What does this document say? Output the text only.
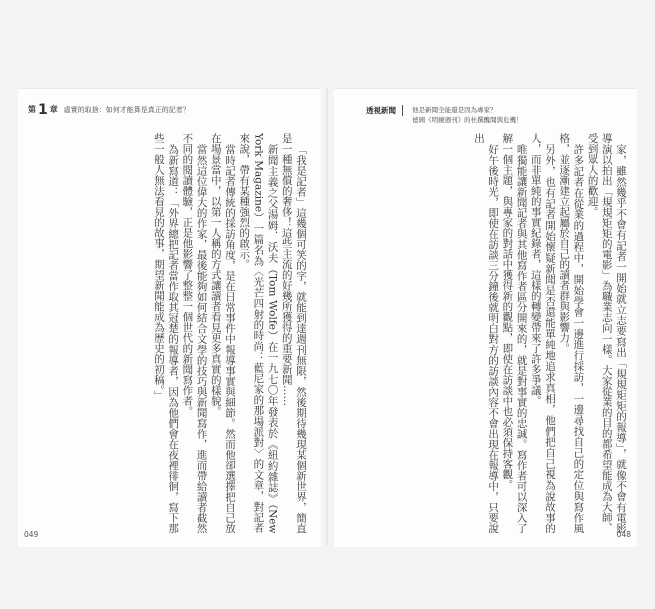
第 1 章 虛實的取捨：如何才能算是真正的記者？

「我是記者」這幾個可笑的字，就能到達週刊無限，然後期待幾現某個新世界，簡直是一種無償的奢侈！這些主流的好幾所獲得的重要新聞……

新聞主義之父湯姆．沃夫（Tom Wolfe）在一九七〇年發表於《紐約雜誌》（New York Magazine）一篇名為〈光芒四射的時尚：藍尼家的那場派對〉的文章，對記者來說，帶有某種強烈的啟示。

當時記者傳統的採訪角度，是在日常事件中報導事實與細節。然而他卻選擇把自己放在場景當中，以第一人稱的方式讓讀者看見更多真實的樣貌。

當然這位偉大的作家，最後能夠如何結合文學的技巧與新聞寫作，進而帶給讀者截然不同的閱讀體驗，正是他影響了整整一個世代的新聞寫作者。

為新寫道：「外界總把記者當作取其冠楚的報導者，因為他們會在夜裡徘徊，寫下那些一般人無法看見的故事，期望新聞能成為歷史的初稿。」

049
透視新聞 他是新聞全能還是因為專家？
德國《明鏡週刊》的杜撰醜聞與危機！

家，雖然幾乎不會有記者一開始就立志要寫出「規規矩矩的報導」，就像不會有電影導演以拍出「規規矩矩的電影」為職業志向一樣。大家從業的目的都希望能成為大師、受到眾人的歡迎。

許多記者在從業的過程中，開始學會一邊進行採訪，一邊尋找自己的定位與寫作風格，並逐漸建立起屬於自己的讀者群與影響力。

另外，也有記者開始懷疑新聞是否還能單純地追求真相，他們把自己視為說故事的人，而非單純的事實紀錄者，這樣的轉變帶來了許多爭議。

唯獨能讓新聞記者與其他寫作者區分開來的，就是對事實的忠誠。寫作者可以深入了解一個主題，與專家的對話中獲得新的觀點，即使在訪談中也必須保持客觀。

好午後時光，即使在訪談三分鐘後就明白對方的訪談內容不會出現在報導中，只要說出

048
